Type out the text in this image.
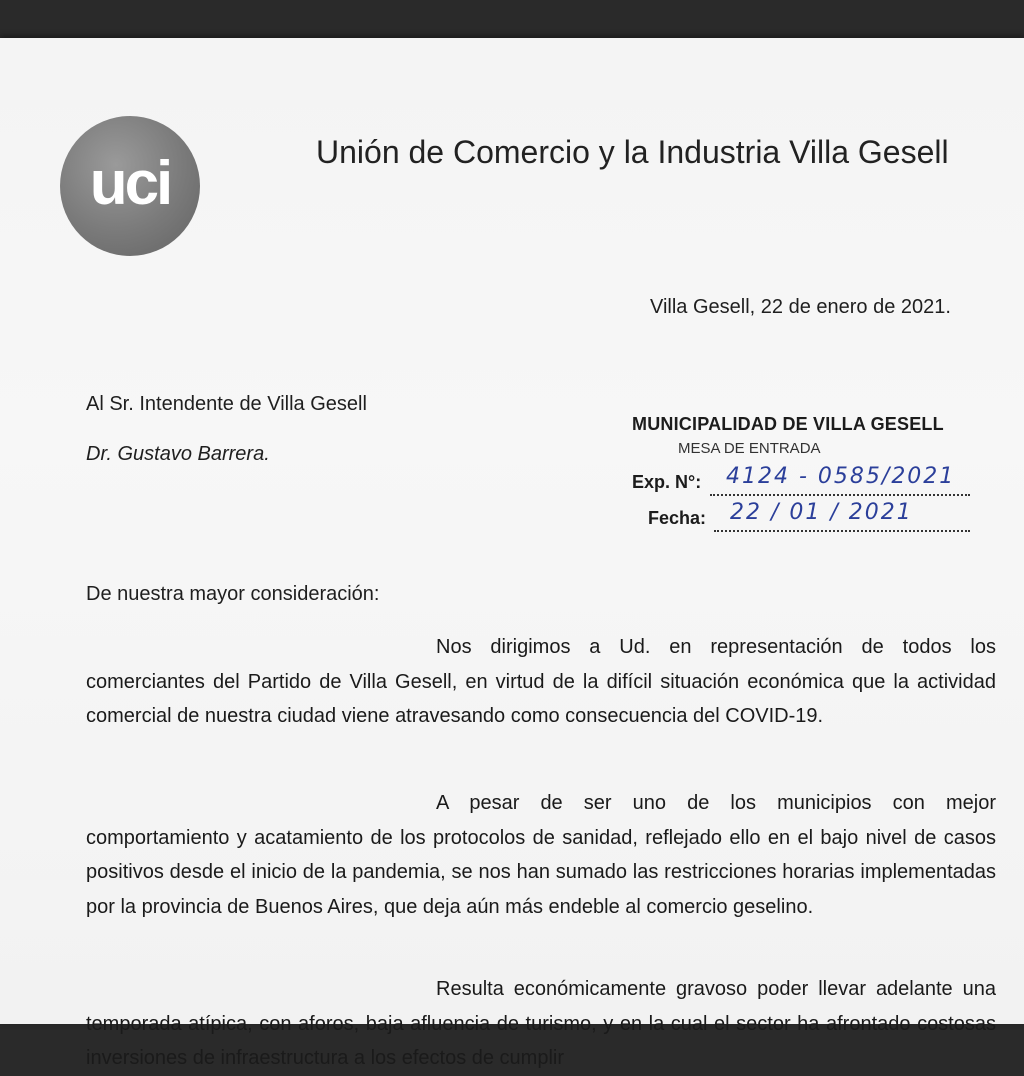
uci	Unión de Comercio y la Industria Villa Gesell
Villa Gesell, 22 de enero de 2021.
Al Sr. Intendente de Villa Gesell
Dr. Gustavo Barrera.
MUNICIPALIDAD DE VILLA GESELL
MESA DE ENTRADA
Exp. N°: 4124 - 0585/2021
Fecha: 22 / 01 / 2021
De nuestra mayor consideración:

Nos dirigimos a Ud. en representación de todos los comerciantes del Partido de Villa Gesell, en virtud de la difícil situación económica que la actividad comercial de nuestra ciudad viene atravesando como consecuencia del COVID-19.

A pesar de ser uno de los municipios con mejor comportamiento y acatamiento de los protocolos de sanidad, reflejado ello en el bajo nivel de casos positivos desde el inicio de la pandemia, se nos han sumado las restricciones horarias implementadas por la provincia de Buenos Aires, que deja aún más endeble al comercio geselino.

Resulta económicamente gravoso poder llevar adelante una temporada atípica, con aforos, baja afluencia de turismo, y en la cual el sector ha afrontado costosas inversiones de infraestructura a los efectos de cumplir
